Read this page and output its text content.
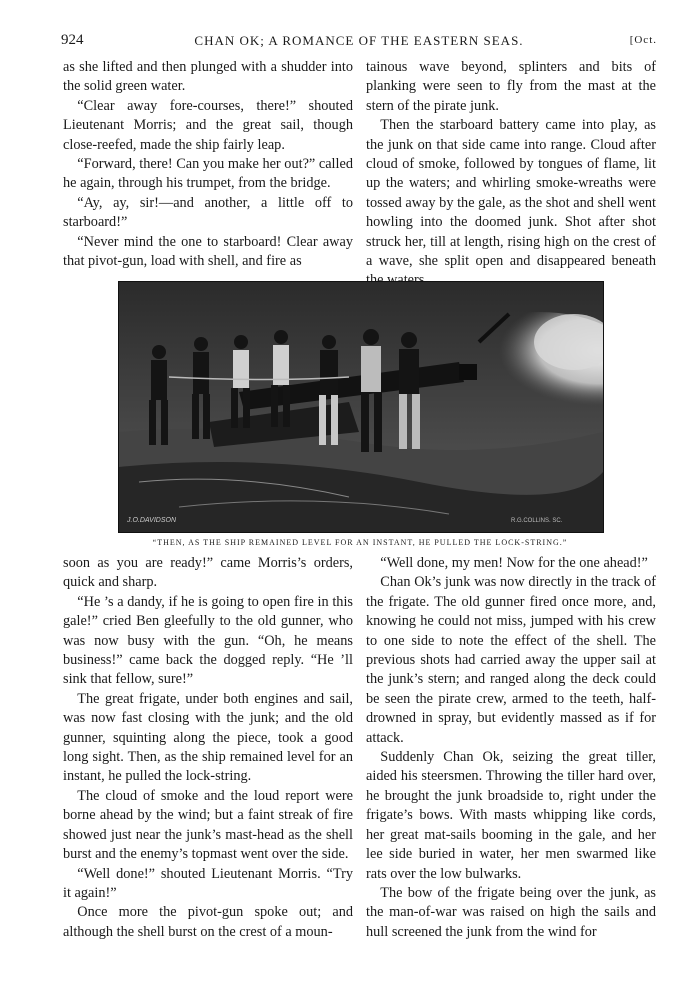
924	CHAN OK; A ROMANCE OF THE EASTERN SEAS.	[Oct.

as she lifted and then plunged with a shudder into the solid green water.

“Clear away fore-courses, there!” shouted Lieutenant Morris; and the great sail, though close-reefed, made the ship fairly leap.

“Forward, there! Can you make her out?” called he again, through his trumpet, from the bridge.

“Ay, ay, sir!—and another, a little off to starboard!”

“Never mind the one to starboard! Clear away that pivot-gun, load with shell, and fire as

tainous wave beyond, splinters and bits of planking were seen to fly from the mast at the stern of the pirate junk.

Then the starboard battery came into play, as the junk on that side came into range. Cloud after cloud of smoke, followed by tongues of flame, lit up the waters; and whirling smoke-wreaths were tossed away by the gale, as the shot and shell went howling into the doomed junk. Shot after shot struck her, till at length, rising high on the crest of a wave, she split open and disappeared beneath

J.O.DAVIDSON	R.G.COLLINS. SC.
“THEN, AS THE SHIP REMAINED LEVEL FOR AN INSTANT, HE PULLED THE LOCK-STRING.”

soon as you are ready!” came Morris’s orders, quick and sharp.

“He ’s a dandy, if he is going to open fire in this gale!” cried Ben gleefully to the old gunner, who was now busy with the gun. “Oh, he means business!” came back the dogged reply. “He ’ll sink that fellow, sure!”

The great frigate, under both engines and sail, was now fast closing with the junk; and the old gunner, squinting along the piece, took a good long sight. Then, as the ship remained level for an instant, he pulled the lock-string.

The cloud of smoke and the loud report were borne ahead by the wind; but a faint streak of fire showed just near the junk’s mast-head as the shell burst and the enemy’s topmast went over the side.

“Well done!” shouted Lieutenant Morris. “Try it again!”

Once more the pivot-gun spoke out; and although the shell burst on the crest of a moun-

“Well done, my men! Now for the one ahead!”

Chan Ok’s junk was now directly in the track of the frigate. The old gunner fired once more, and, knowing he could not miss, jumped with his crew to one side to note the effect of the shell. The previous shots had carried away the upper sail at the junk’s stern; and ranged along the deck could be seen the pirate crew, armed to the teeth, half-drowned in spray, but evidently massed as if for attack.

Suddenly Chan Ok, seizing the great tiller, aided his steersmen. Throwing the tiller hard over, he brought the junk broadside to, right under the frigate’s bows. With masts whipping like cords, her great mat-sails booming in the gale, and her lee side buried in water, her men swarmed like rats over the low bulwarks.

The bow of the frigate being over the junk, as the man-of-war was raised on high the sails and hull screened the junk from the wind for
